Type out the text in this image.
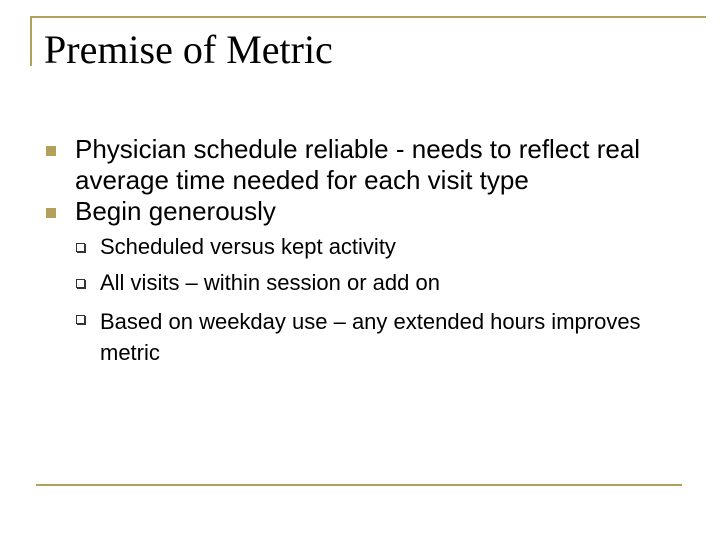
Premise of Metric
Physician schedule reliable - needs to reflect real average time needed for each visit type
Begin generously
Scheduled versus kept activity
All visits – within session or add on
Based on weekday use – any extended hours improves metric
